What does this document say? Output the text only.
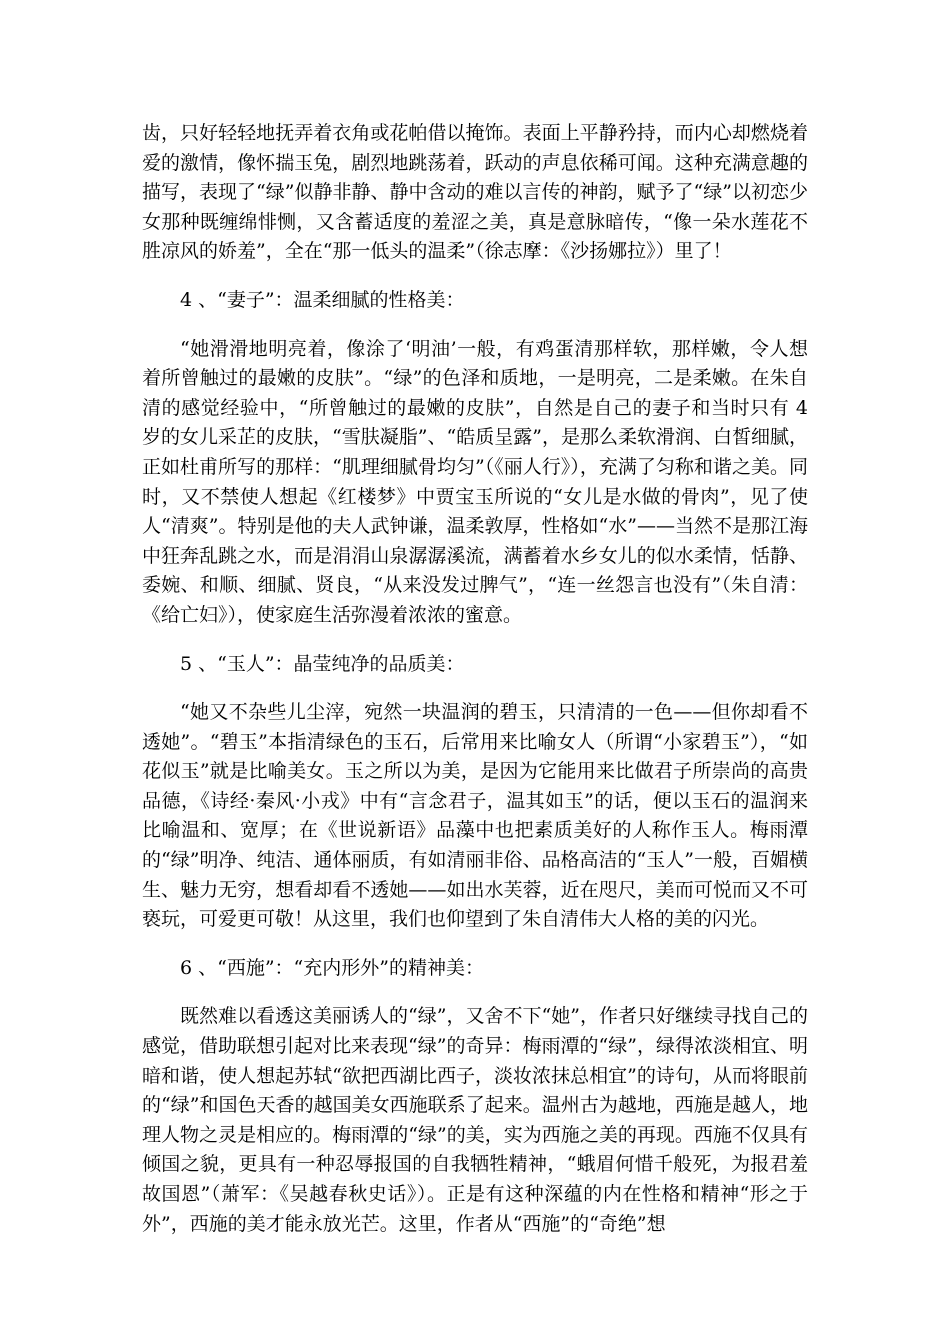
齿，只好轻轻地抚弄着衣角或花帕借以掩饰。表面上平静矜持，而内心却燃烧着爱的激情，像怀揣玉兔，剧烈地跳荡着，跃动的声息依稀可闻。这种充满意趣的描写，表现了“绿”似静非静、静中含动的难以言传的神韵，赋予了“绿”以初恋少女那种既缠绵悱恻，又含蓄适度的羞涩之美，真是意脉暗传，“像一朵水莲花不胜凉风的娇羞”，全在“那一低头的温柔”（徐志摩：《沙扬娜拉》）里了！

4 、“妻子”：温柔细腻的性格美：

“她滑滑地明亮着，像涂了‘明油’一般，有鸡蛋清那样软，那样嫩，令人想着所曾触过的最嫩的皮肤”。“绿”的色泽和质地，一是明亮，二是柔嫩。在朱自清的感觉经验中，“所曾触过的最嫩的皮肤”，自然是自己的妻子和当时只有 4 岁的女儿采芷的皮肤，“雪肤凝脂”、“皓质呈露”，是那么柔软滑润、白皙细腻，正如杜甫所写的那样：“肌理细腻骨均匀”（《丽人行》），充满了匀称和谐之美。同时，又不禁使人想起《红楼梦》中贾宝玉所说的“女儿是水做的骨肉”，见了使人“清爽”。特别是他的夫人武钟谦，温柔敦厚，性格如“水”——当然不是那江海中狂奔乱跳之水，而是涓涓山泉潺潺溪流，满蓄着水乡女儿的似水柔情，恬静、委婉、和顺、细腻、贤良，“从来没发过脾气”，“连一丝怨言也没有”（朱自清：《给亡妇》），使家庭生活弥漫着浓浓的蜜意。

5 、“玉人”：晶莹纯净的品质美：

“她又不杂些儿尘滓，宛然一块温润的碧玉，只清清的一色——但你却看不透她”。“碧玉”本指清绿色的玉石，后常用来比喻女人（所谓“小家碧玉”），“如花似玉”就是比喻美女。玉之所以为美，是因为它能用来比做君子所崇尚的高贵品德，《诗经·秦风·小戎》中有“言念君子，温其如玉”的话，便以玉石的温润来比喻温和、宽厚；在《世说新语》品藻中也把素质美好的人称作玉人。梅雨潭的“绿”明净、纯洁、通体丽质，有如清丽非俗、品格高洁的“玉人”一般，百媚横生、魅力无穷，想看却看不透她——如出水芙蓉，近在咫尺，美而可悦而又不可亵玩，可爱更可敬！从这里，我们也仰望到了朱自清伟大人格的美的闪光。

6 、“西施”：“充内形外”的精神美：

既然难以看透这美丽诱人的“绿”，又舍不下“她”，作者只好继续寻找自己的感觉，借助联想引起对比来表现“绿”的奇异：梅雨潭的“绿”，绿得浓淡相宜、明暗和谐，使人想起苏轼“欲把西湖比西子，淡妆浓抹总相宜”的诗句，从而将眼前的“绿”和国色天香的越国美女西施联系了起来。温州古为越地，西施是越人，地理人物之灵是相应的。梅雨潭的“绿”的美，实为西施之美的再现。西施不仅具有倾国之貌，更具有一种忍辱报国的自我牺牲精神，“蛾眉何惜千般死，为报君羞故国恩”（萧军：《吴越春秋史话》）。正是有这种深蕴的内在性格和精神“形之于外”，西施的美才能永放光芒。这里，作者从“西施”的“奇绝”想
